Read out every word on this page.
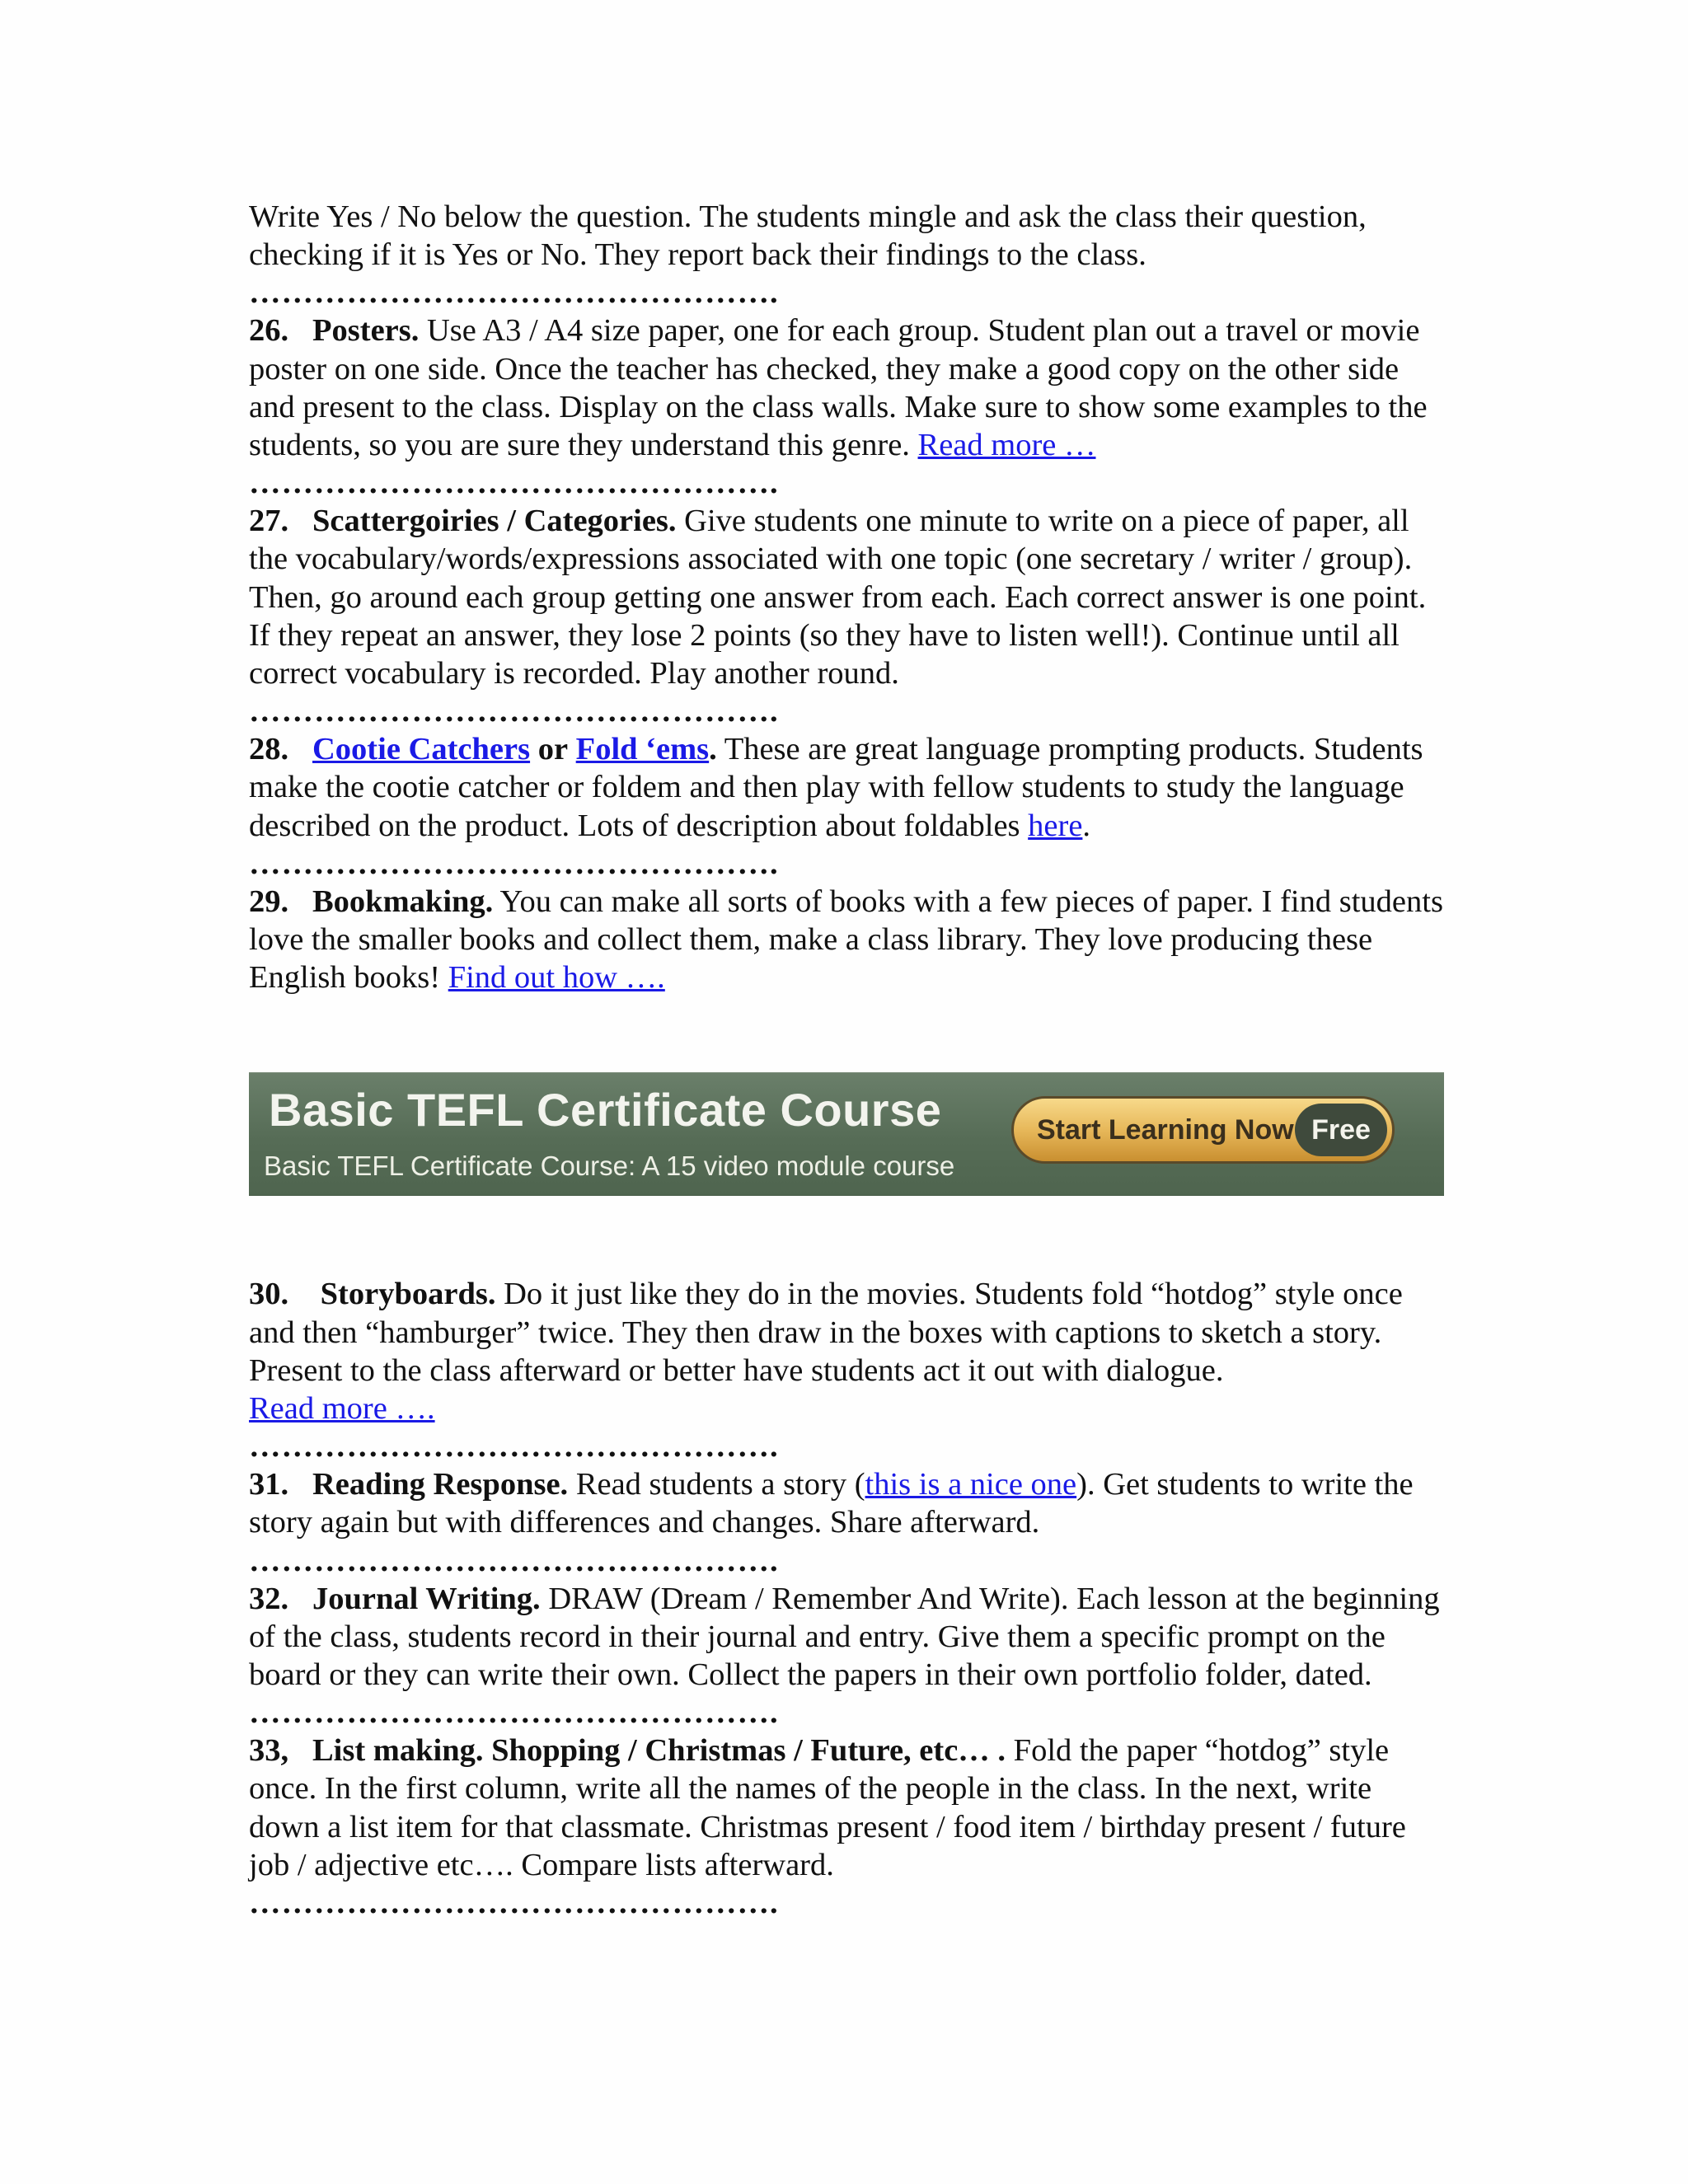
Write Yes / No below the question. The students mingle and ask the class their question, checking if it is Yes or No. They report back their findings to the class.

………………………………………….

26. Posters. Use A3 / A4 size paper, one for each group. Student plan out a travel or movie poster on one side. Once the teacher has checked, they make a good copy on the other side and present to the class. Display on the class walls. Make sure to show some examples to the students, so you are sure they understand this genre. Read more …

………………………………………….

27. Scattergoiries / Categories. Give students one minute to write on a piece of paper, all the vocabulary/words/expressions associated with one topic (one secretary / writer / group). Then, go around each group getting one answer from each. Each correct answer is one point. If they repeat an answer, they lose 2 points (so they have to listen well!). Continue until all correct vocabulary is recorded. Play another round.

………………………………………….

28. Cootie Catchers or Fold ‘ems. These are great language prompting products. Students make the cootie catcher or foldem and then play with fellow students to study the language described on the product. Lots of description about foldables here.

………………………………………….

29. Bookmaking. You can make all sorts of books with a few pieces of paper. I find students love the smaller books and collect them, make a class library. They love producing these English books! Find out how ….

Basic TEFL Certificate Course
Basic TEFL Certificate Course: A 15 video module course
Start Learning Now Free

30. Storyboards. Do it just like they do in the movies. Students fold “hotdog” style once and then “hamburger” twice. They then draw in the boxes with captions to sketch a story. Present to the class afterward or better have students act it out with dialogue.
Read more ….

………………………………………….

31. Reading Response. Read students a story (this is a nice one). Get students to write the story again but with differences and changes. Share afterward.

………………………………………….

32. Journal Writing. DRAW (Dream / Remember And Write). Each lesson at the beginning of the class, students record in their journal and entry. Give them a specific prompt on the board or they can write their own. Collect the papers in their own portfolio folder, dated.

………………………………………….

33, List making. Shopping / Christmas / Future, etc… . Fold the paper “hotdog” style once. In the first column, write all the names of the people in the class. In the next, write down a list item for that classmate. Christmas present / food item / birthday present / future job / adjective etc…. Compare lists afterward.

………………………………………….
